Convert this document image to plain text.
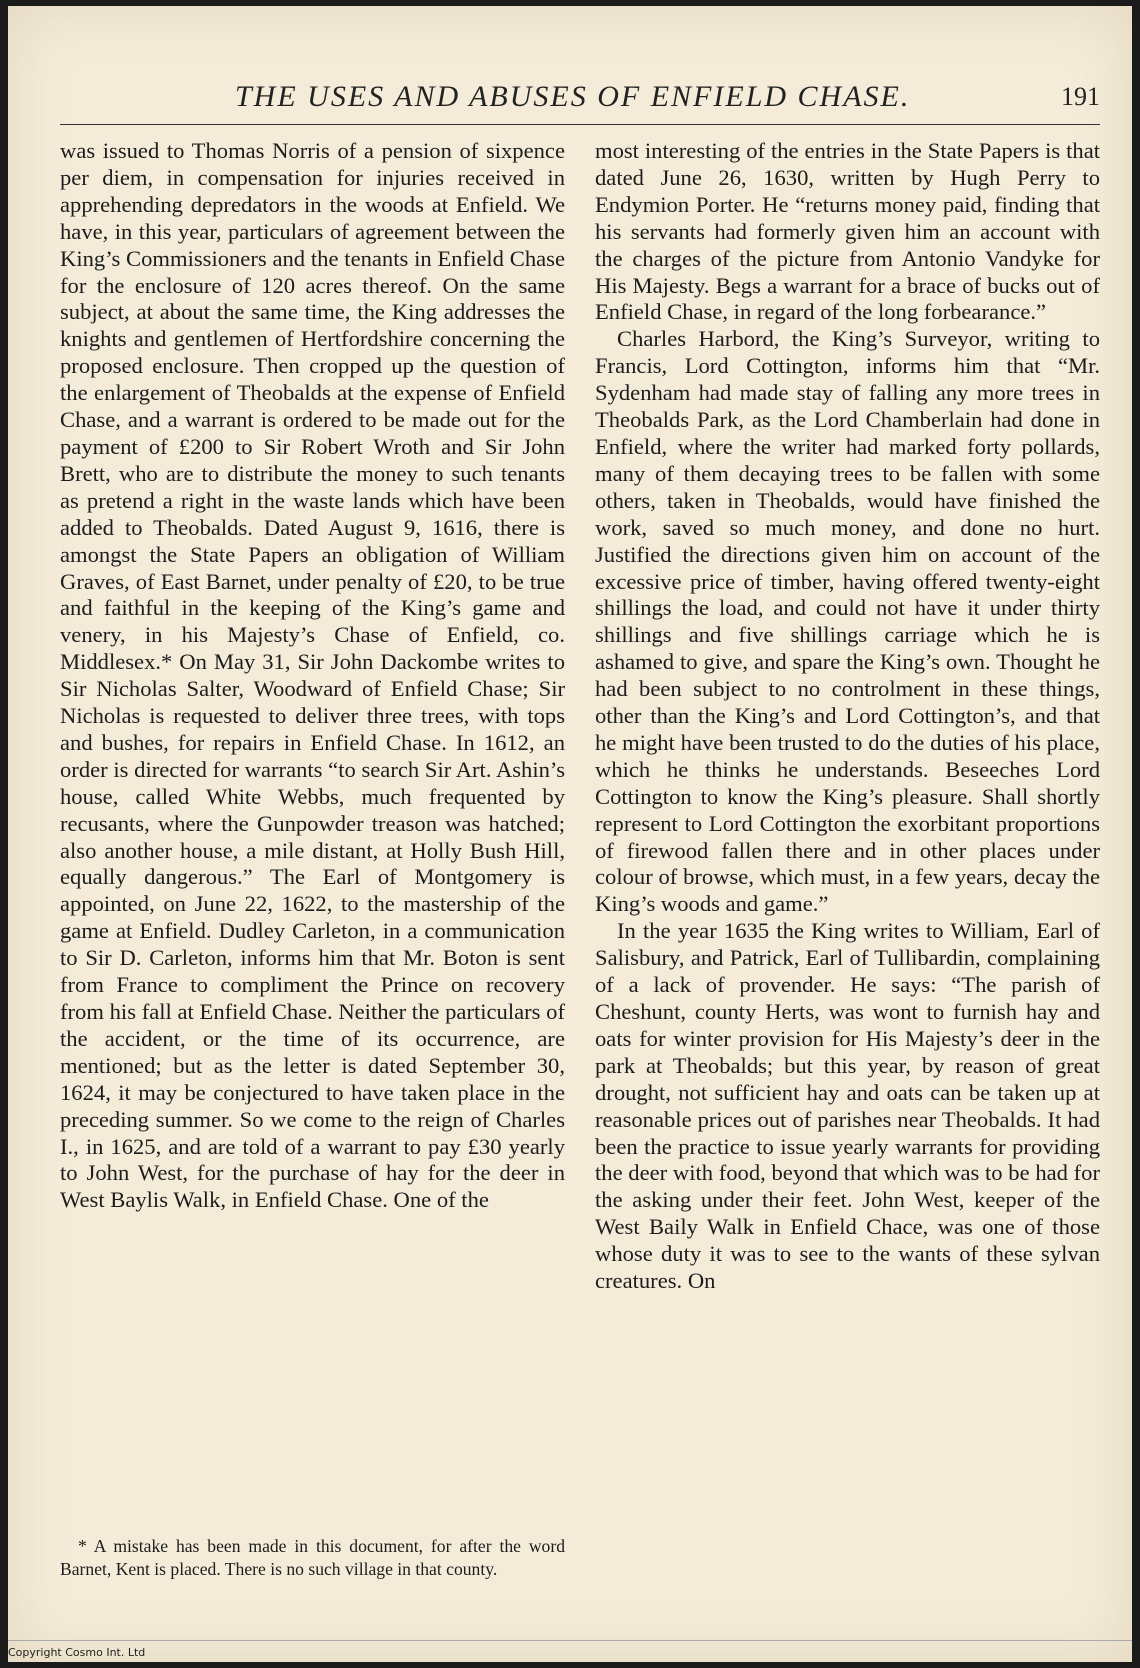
THE USES AND ABUSES OF ENFIELD CHASE.	191

was issued to Thomas Norris of a pension of sixpence per diem, in compensation for injuries received in apprehending depredators in the woods at Enfield. We have, in this year, particulars of agreement between the King’s Commissioners and the tenants in Enfield Chase for the enclosure of 120 acres thereof. On the same subject, at about the same time, the King addresses the knights and gentlemen of Hertfordshire concerning the proposed enclosure. Then cropped up the question of the enlargement of Theobalds at the expense of Enfield Chase, and a warrant is ordered to be made out for the payment of £200 to Sir Robert Wroth and Sir John Brett, who are to distribute the money to such tenants as pretend a right in the waste lands which have been added to Theobalds. Dated August 9, 1616, there is amongst the State Papers an obligation of William Graves, of East Barnet, under penalty of £20, to be true and faithful in the keeping of the King’s game and venery, in his Majesty’s Chase of Enfield, co. Middlesex.* On May 31, Sir John Dackombe writes to Sir Nicholas Salter, Woodward of Enfield Chase; Sir Nicholas is requested to deliver three trees, with tops and bushes, for repairs in Enfield Chase. In 1612, an order is directed for warrants “to search Sir Art. Ashin’s house, called White Webbs, much frequented by recusants, where the Gunpowder treason was hatched; also another house, a mile distant, at Holly Bush Hill, equally dangerous.” The Earl of Montgomery is appointed, on June 22, 1622, to the mastership of the game at Enfield. Dudley Carleton, in a communication to Sir D. Carleton, informs him that Mr. Boton is sent from France to compliment the Prince on recovery from his fall at Enfield Chase. Neither the particulars of the accident, or the time of its occurrence, are mentioned; but as the letter is dated September 30, 1624, it may be conjectured to have taken place in the preceding summer. So we come to the reign of Charles I., in 1625, and are told of a warrant to pay £30 yearly to John West, for the purchase of hay for the deer in West Baylis Walk, in Enfield Chase. One of the

* A mistake has been made in this document, for after the word Barnet, Kent is placed. There is no such village in that county.

most interesting of the entries in the State Papers is that dated June 26, 1630, written by Hugh Perry to Endymion Porter. He “returns money paid, finding that his servants had formerly given him an account with the charges of the picture from Antonio Vandyke for His Majesty. Begs a warrant for a brace of bucks out of Enfield Chase, in regard of the long forbearance.”

Charles Harbord, the King’s Surveyor, writing to Francis, Lord Cottington, informs him that “Mr. Sydenham had made stay of falling any more trees in Theobalds Park, as the Lord Chamberlain had done in Enfield, where the writer had marked forty pollards, many of them decaying trees to be fallen with some others, taken in Theobalds, would have finished the work, saved so much money, and done no hurt. Justified the directions given him on account of the excessive price of timber, having offered twenty-eight shillings the load, and could not have it under thirty shillings and five shillings carriage which he is ashamed to give, and spare the King’s own. Thought he had been subject to no controlment in these things, other than the King’s and Lord Cottington’s, and that he might have been trusted to do the duties of his place, which he thinks he understands. Beseeches Lord Cottington to know the King’s pleasure. Shall shortly represent to Lord Cottington the exorbitant proportions of firewood fallen there and in other places under colour of browse, which must, in a few years, decay the King’s woods and game.”

In the year 1635 the King writes to William, Earl of Salisbury, and Patrick, Earl of Tullibardin, complaining of a lack of provender. He says: “The parish of Cheshunt, county Herts, was wont to furnish hay and oats for winter provision for His Majesty’s deer in the park at Theobalds; but this year, by reason of great drought, not sufficient hay and oats can be taken up at reasonable prices out of parishes near Theobalds. It had been the practice to issue yearly warrants for providing the deer with food, beyond that which was to be had for the asking under their feet. John West, keeper of the West Baily Walk in Enfield Chace, was one of those whose duty it was to see to the wants of these sylvan creatures. On

Copyright Cosmo Int. Ltd
